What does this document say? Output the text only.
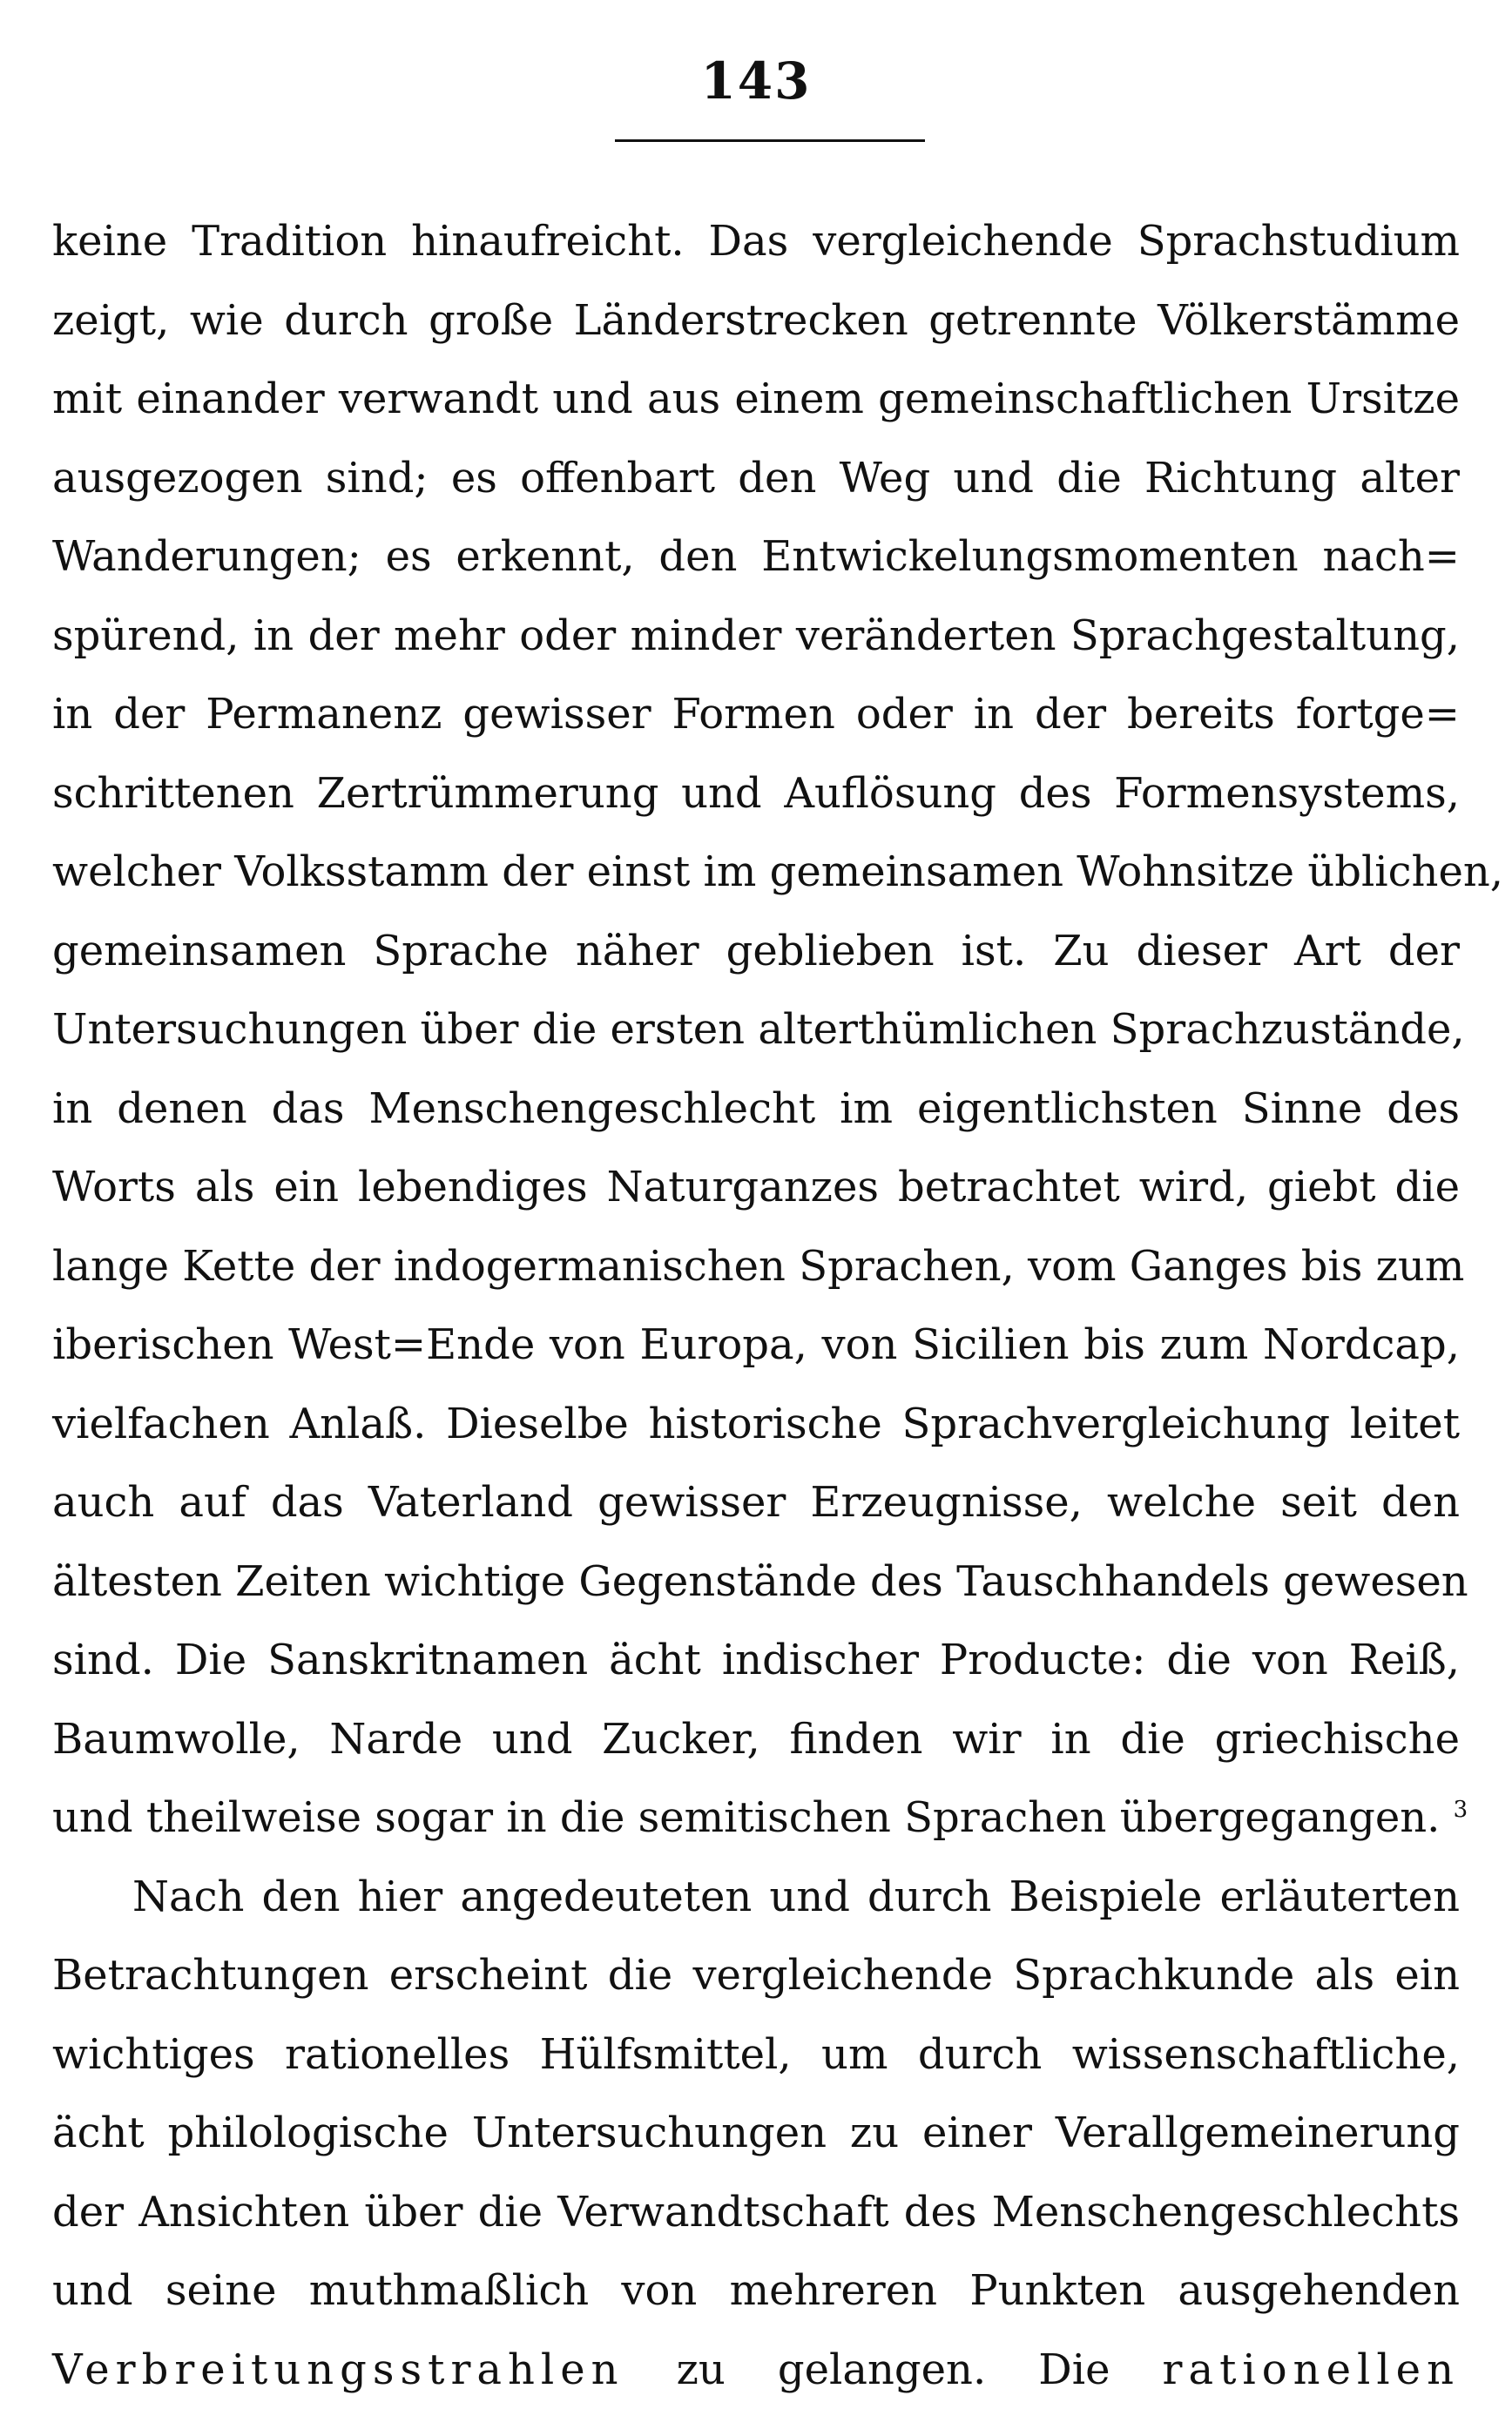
143
keine Tradition hinaufreicht. Das vergleichende Sprachstudium
zeigt, wie durch große Länderstrecken getrennte Völkerstämme
mit einander verwandt und aus einem gemeinschaftlichen Ursitze
ausgezogen sind; es offenbart den Weg und die Richtung alter
Wanderungen; es erkennt, den Entwickelungsmomenten nach=
spürend, in der mehr oder minder veränderten Sprachgestaltung,
in der Permanenz gewisser Formen oder in der bereits fortge=
schrittenen Zertrümmerung und Auflösung des Formensystems,
welcher Volksstamm der einst im gemeinsamen Wohnsitze üblichen,
gemeinsamen Sprache näher geblieben ist. Zu dieser Art der
Untersuchungen über die ersten alterthümlichen Sprachzustände,
in denen das Menschengeschlecht im eigentlichsten Sinne des
Worts als ein lebendiges Naturganzes betrachtet wird, giebt die
lange Kette der indogermanischen Sprachen, vom Ganges bis zum
iberischen West=Ende von Europa, von Sicilien bis zum Nordcap,
vielfachen Anlaß. Dieselbe historische Sprachvergleichung leitet
auch auf das Vaterland gewisser Erzeugnisse, welche seit den
ältesten Zeiten wichtige Gegenstände des Tauschhandels gewesen
sind. Die Sanskritnamen ächt indischer Producte: die von Reiß,
Baumwolle, Narde und Zucker, finden wir in die griechische
und theilweise sogar in die semitischen Sprachen übergegangen. $^3$
Nach den hier angedeuteten und durch Beispiele erläuterten
Betrachtungen erscheint die vergleichende Sprachkunde als ein
wichtiges rationelles Hülfsmittel, um durch wissenschaftliche,
ächt philologische Untersuchungen zu einer Verallgemeinerung
der Ansichten über die Verwandtschaft des Menschengeschlechts
und seine muthmaßlich von mehreren Punkten ausgehenden
Verbreitungsstrahlen zu gelangen. Die rationellen
